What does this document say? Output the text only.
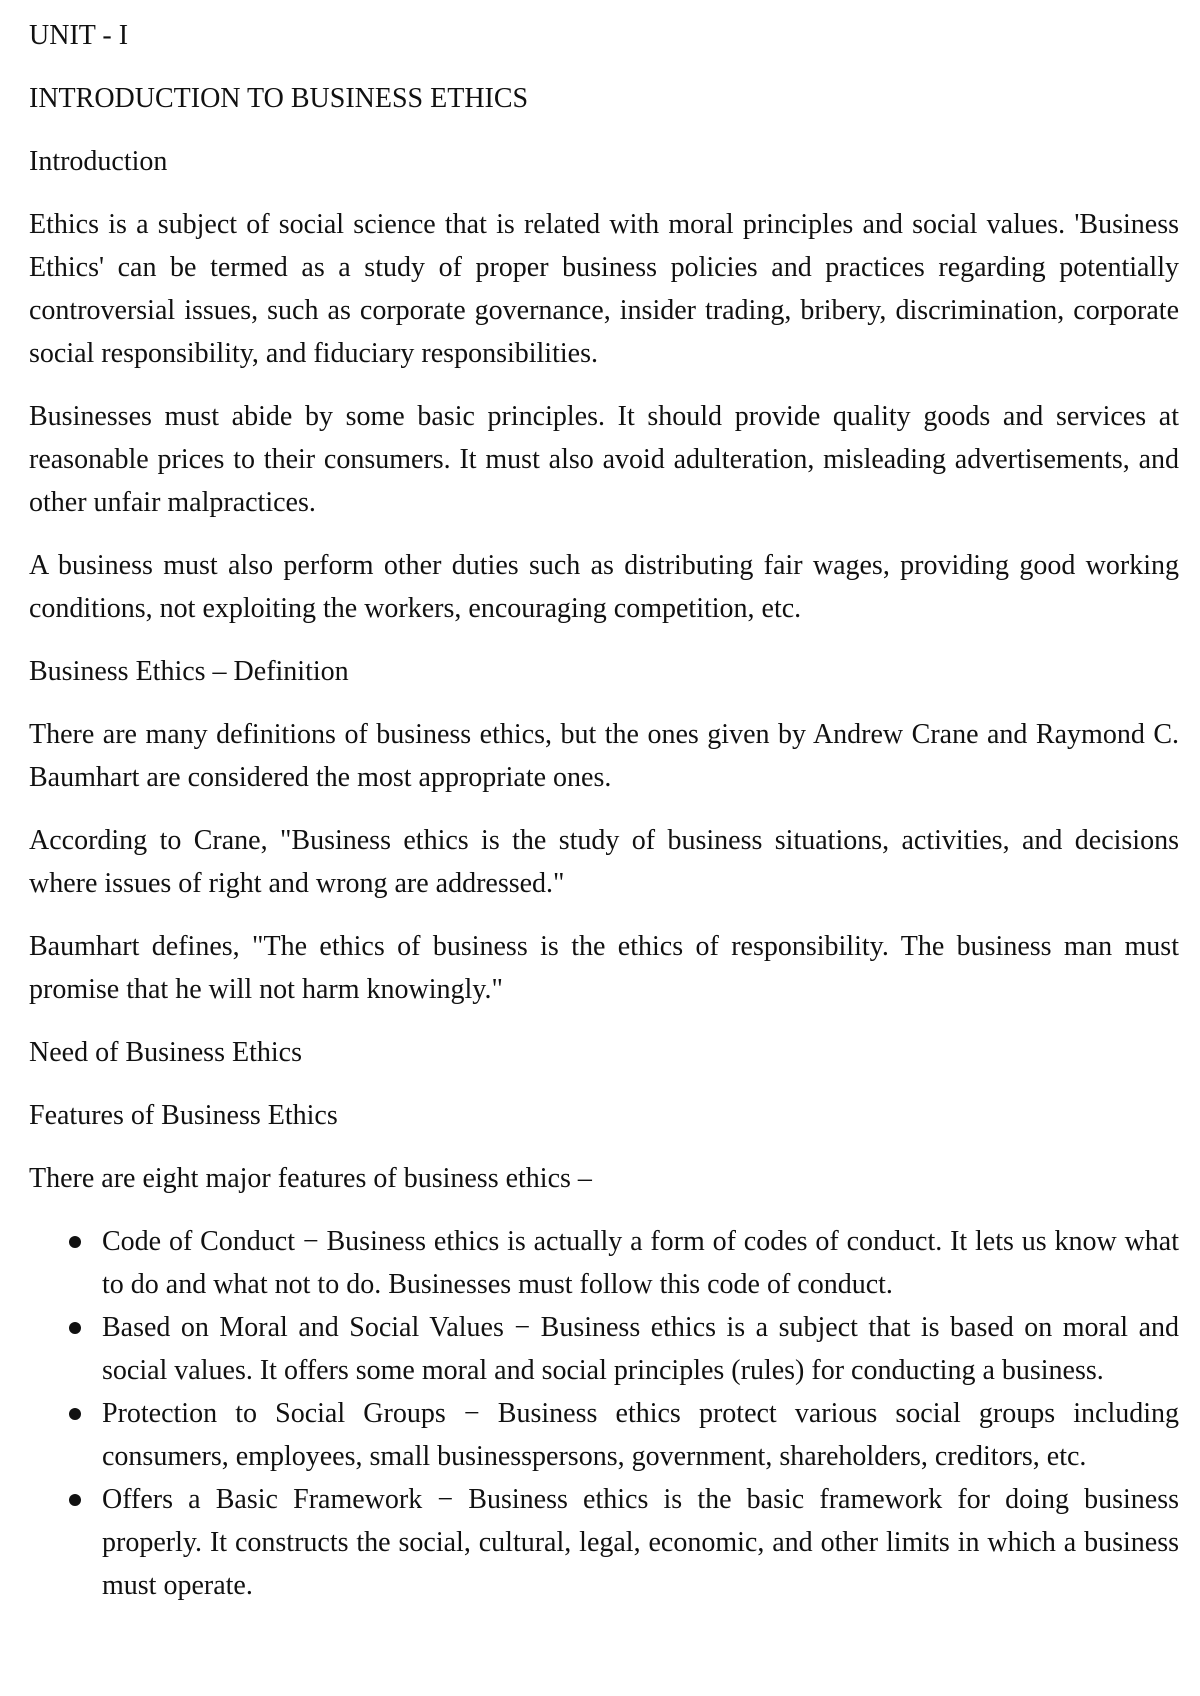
UNIT - I
INTRODUCTION TO BUSINESS ETHICS
Introduction

Ethics is a subject of social science that is related with moral principles and social values. 'Business Ethics' can be termed as a study of proper business policies and practices regarding potentially controversial issues, such as corporate governance, insider trading, bribery, discrimination, corporate social responsibility, and fiduciary responsibilities.

Businesses must abide by some basic principles. It should provide quality goods and services at reasonable prices to their consumers. It must also avoid adulteration, misleading advertisements, and other unfair malpractices.

A business must also perform other duties such as distributing fair wages, providing good working conditions, not exploiting the workers, encouraging competition, etc.

Business Ethics – Definition

There are many definitions of business ethics, but the ones given by Andrew Crane and Raymond C. Baumhart are considered the most appropriate ones.

According to Crane, "Business ethics is the study of business situations, activities, and decisions where issues of right and wrong are addressed."

Baumhart defines, "The ethics of business is the ethics of responsibility. The business man must promise that he will not harm knowingly."

Need of Business Ethics
Features of Business Ethics
There are eight major features of business ethics –
Code of Conduct − Business ethics is actually a form of codes of conduct. It lets us know what to do and what not to do. Businesses must follow this code of conduct.
Based on Moral and Social Values − Business ethics is a subject that is based on moral and social values. It offers some moral and social principles (rules) for conducting a business.
Protection to Social Groups − Business ethics protect various social groups including consumers, employees, small businesspersons, government, shareholders, creditors, etc.
Offers a Basic Framework − Business ethics is the basic framework for doing business properly. It constructs the social, cultural, legal, economic, and other limits in which a business must operate.
